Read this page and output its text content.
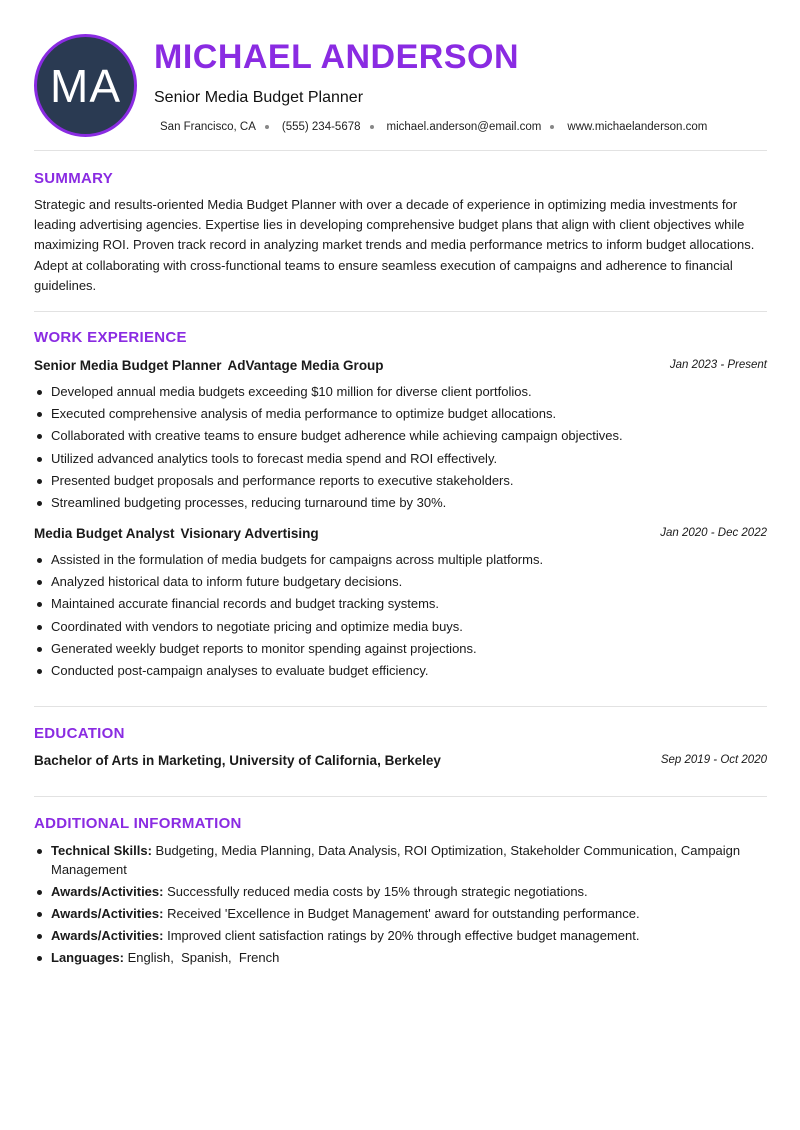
MA
MICHAEL ANDERSON
Senior Media Budget Planner
San Francisco, CA (555) 234-5678 michael.anderson@email.com www.michaelanderson.com
SUMMARY
Strategic and results-oriented Media Budget Planner with over a decade of experience in optimizing media investments for leading advertising agencies. Expertise lies in developing comprehensive budget plans that align with client objectives while maximizing ROI. Proven track record in analyzing market trends and media performance metrics to inform budget allocations. Adept at collaborating with cross-functional teams to ensure seamless execution of campaigns and adherence to financial guidelines.
WORK EXPERIENCE
Senior Media Budget Planner AdVantage Media Group	Jan 2023 - Present
Developed annual media budgets exceeding $10 million for diverse client portfolios.
Executed comprehensive analysis of media performance to optimize budget allocations.
Collaborated with creative teams to ensure budget adherence while achieving campaign objectives.
Utilized advanced analytics tools to forecast media spend and ROI effectively.
Presented budget proposals and performance reports to executive stakeholders.
Streamlined budgeting processes, reducing turnaround time by 30%.
Media Budget Analyst Visionary Advertising	Jan 2020 - Dec 2022
Assisted in the formulation of media budgets for campaigns across multiple platforms.
Analyzed historical data to inform future budgetary decisions.
Maintained accurate financial records and budget tracking systems.
Coordinated with vendors to negotiate pricing and optimize media buys.
Generated weekly budget reports to monitor spending against projections.
Conducted post-campaign analyses to evaluate budget efficiency.
EDUCATION
Bachelor of Arts in Marketing, University of California, Berkeley	Sep 2019 - Oct 2020
ADDITIONAL INFORMATION
Technical Skills: Budgeting, Media Planning, Data Analysis, ROI Optimization, Stakeholder Communication, Campaign Management
Awards/Activities: Successfully reduced media costs by 15% through strategic negotiations.
Awards/Activities: Received 'Excellence in Budget Management' award for outstanding performance.
Awards/Activities: Improved client satisfaction ratings by 20% through effective budget management.
Languages: English,  Spanish,  French
